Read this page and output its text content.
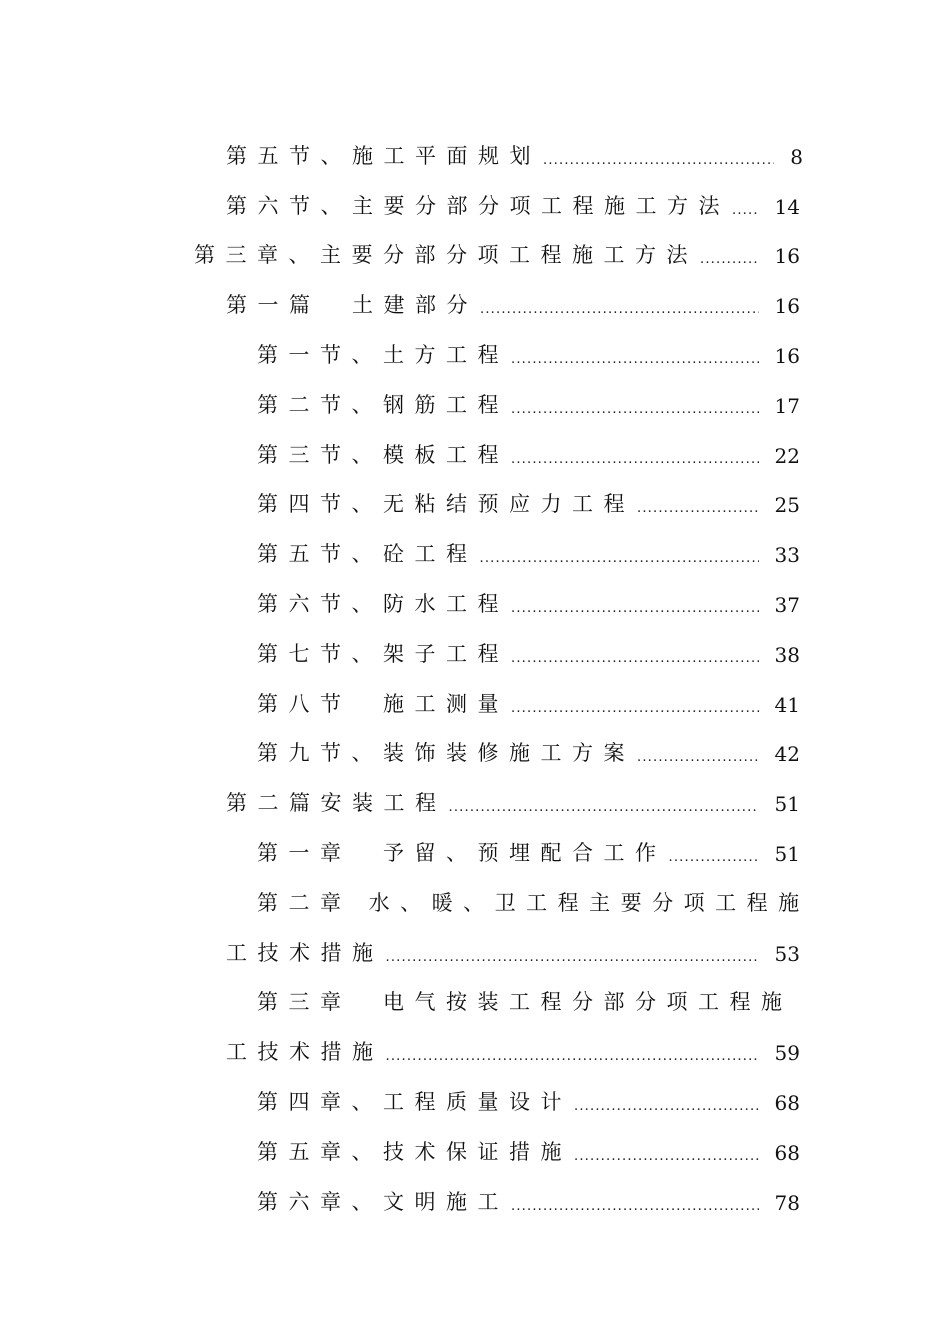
第五节、施工平面规划 .....	8
第六节、主要分部分项工程施工方法 ..... 14
第三章、主要分部分项工程施工方法 .....	16
第一篇　土建部分 .....	16
第一节、土方工程 .....	16
第二节、钢筋工程 .....	17
第三节、模板工程 .....	22
第四节、无粘结预应力工程 .....	25
第五节、砼工程 .....	33
第六节、防水工程 .....	37
第七节、架子工程 .....	38
第八节　施工测量 .....	41
第九节、装饰装修施工方案 .....	42
第二篇安装工程 .....	51
第一章　予留、预埋配合工作 .....	51
第二章 水、暖、卫工程主要分项工程施
工技术措施 .....	53
第三章　电气按装工程分部分项工程施
工技术措施 .....	59
第四章、工程质量设计 .....	68
第五章、技术保证措施 .....	68
第六章、文明施工 .....	78
